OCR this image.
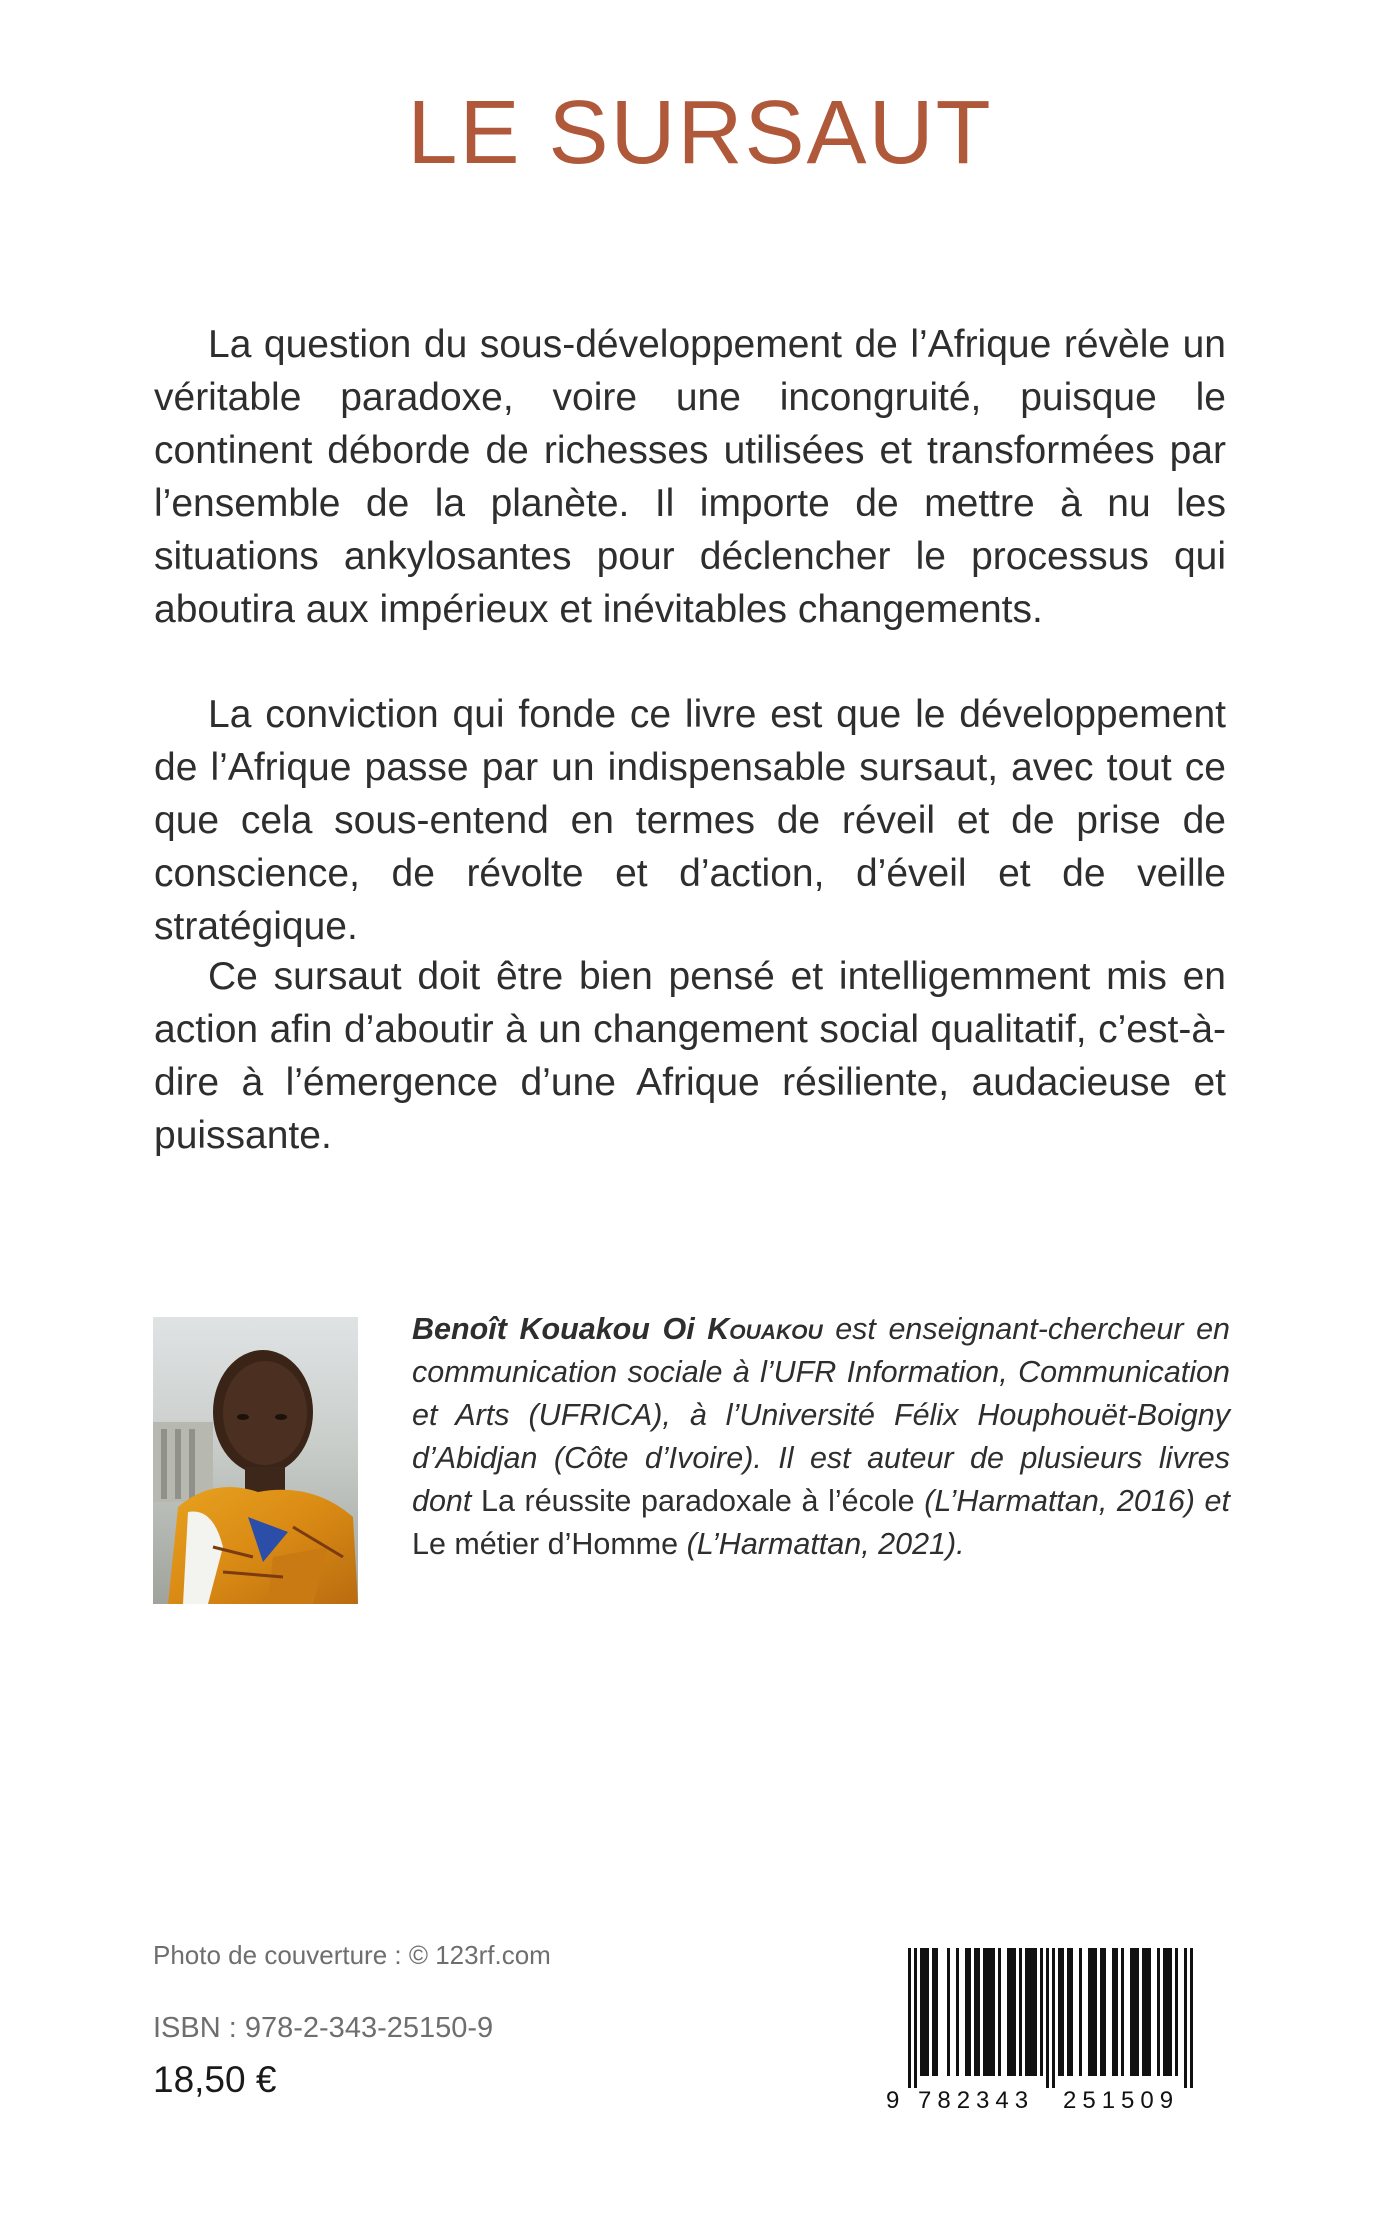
LE SURSAUT

La question du sous-développement de l’Afrique révèle un véritable paradoxe, voire une incongruité, puisque le continent déborde de richesses utilisées et transformées par l’ensemble de la planète. Il importe de mettre à nu les situations ankylosantes pour déclencher le processus qui aboutira aux impérieux et inévitables changements.

La conviction qui fonde ce livre est que le développement de l’Afrique passe par un indispensable sursaut, avec tout ce que cela sous-entend en termes de réveil et de prise de conscience, de révolte et d’action, d’éveil et de veille stratégique.

Ce sursaut doit être bien pensé et intelligemment mis en action afin d’aboutir à un changement social qualitatif, c’est-à-dire à l’émergence d’une Afrique résiliente, audacieuse et puissante.

Benoît Kouakou Oi Kouakou est enseignant-chercheur en communication sociale à l’UFR Information, Communication et Arts (UFRICA), à l’Université Félix Houphouët-Boigny d’Abidjan (Côte d’Ivoire). Il est auteur de plusieurs livres dont La réussite paradoxale à l’école (L’Harmattan, 2016) et Le métier d’Homme (L’Harmattan, 2021).

Photo de couverture : © 123rf.com
ISBN : 978-2-343-25150-9
18,50 €
9 782343 251509
